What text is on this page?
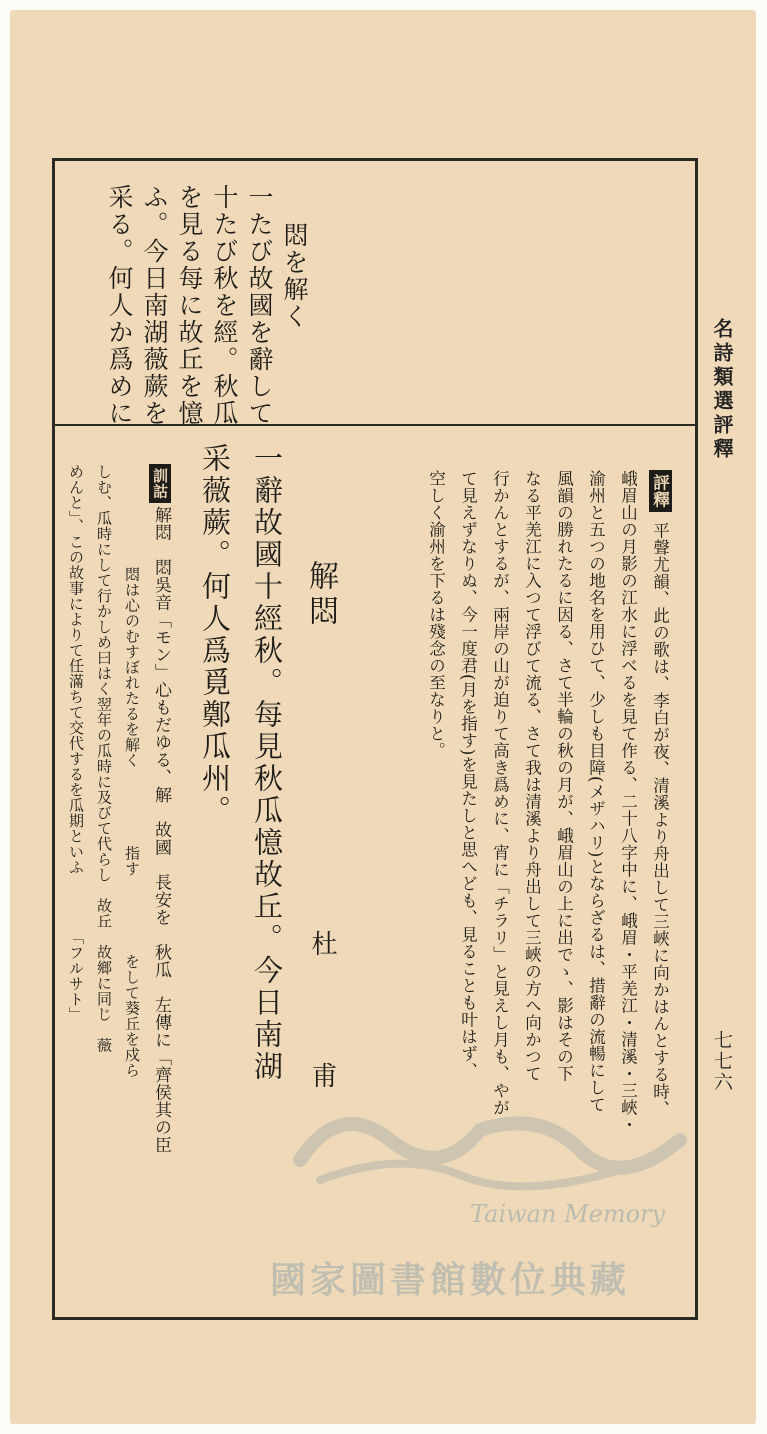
名詩類選評釋
七七六
悶を解く
一たび故國を辭して
十たび秋を經。秋瓜
を見る每に故丘を憶
ふ。今日南湖薇蕨を
采る。何人か爲めに
評釋
平聲尤韻、此の歌は、李白が夜、清溪より舟出して三峽に向かはんとする時、
峨眉山の月影の江水に浮べるを見て作る、二十八字中に、峨眉・平羌江・清溪・三峽・
渝州と五つの地名を用ひて、少しも目障(メザハリ)とならざるは、措辭の流暢にして
風韻の勝れたるに因る、さて半輪の秋の月が、峨眉山の上に出でゝ、影はその下
なる平羌江に入つて浮びて流る、さて我は清溪より舟出して三峽の方へ向かつて
行かんとするが、兩岸の山が迫りて高き爲めに、宵に「チラリ」と見えし月も、やが
て見えずなりぬ、今一度君(月を指す)を見たしと思へども、見ることも叶はず、
空しく渝州を下るは殘念の至なりと。
解悶
杜　甫
一辭故國十經秋。每見秋瓜憶故丘。今日南湖
采薇蕨。何人爲覓鄭瓜州。
訓詁
解悶　悶吳音「モン」心もだゆる、解　故國　長安を　秋瓜　左傳に「齊侯其の臣
　　　悶は心のむすぼれたるを解く　　　　　指す　　　　　をして葵丘を戍ら
しむ、瓜時にして行かしめ曰はく翌年の瓜時に及びて代らし　故丘　故鄉に同じ　薇
めんと」、この故事によりて任滿ちて交代するを瓜期といふ　　　　「フルサト」
Taiwan Memory
國家圖書館數位典藏
